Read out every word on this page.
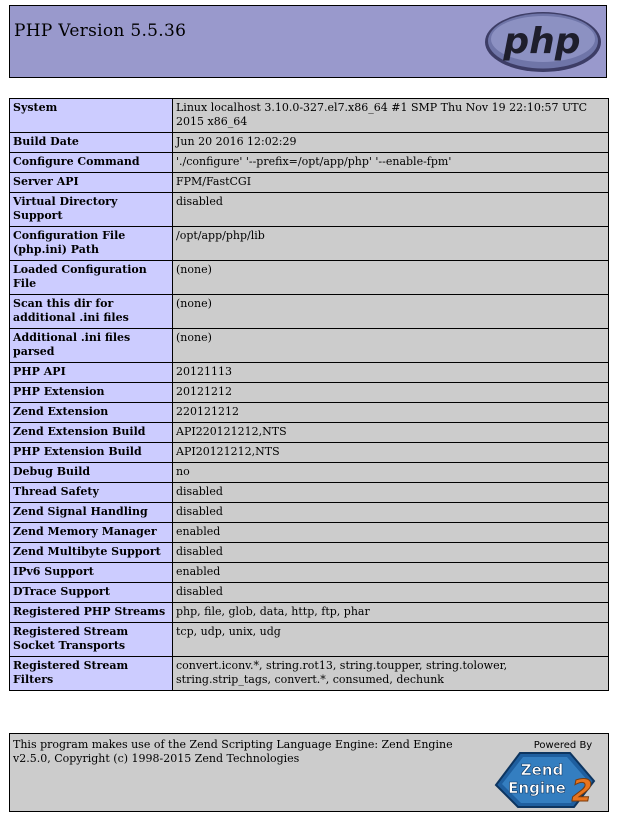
PHP Version 5.5.36	php
System	Linux localhost 3.10.0-327.el7.x86_64 #1 SMP Thu Nov 19 22:10:57 UTC 2015 x86_64
Build Date	Jun 20 2016 12:02:29
Configure Command	'./configure' '--prefix=/opt/app/php' '--enable-fpm'
Server API	FPM/FastCGI
Virtual Directory Support	disabled
Configuration File (php.ini) Path	/opt/app/php/lib
Loaded Configuration File	(none)
Scan this dir for additional .ini files	(none)
Additional .ini files parsed	(none)
PHP API	20121113
PHP Extension	20121212
Zend Extension	220121212
Zend Extension Build	API220121212,NTS
PHP Extension Build	API20121212,NTS
Debug Build	no
Thread Safety	disabled
Zend Signal Handling	disabled
Zend Memory Manager	enabled
Zend Multibyte Support	disabled
IPv6 Support	enabled
DTrace Support	disabled
Registered PHP Streams	php, file, glob, data, http, ftp, phar
Registered Stream Socket Transports	tcp, udp, unix, udg
Registered Stream Filters	convert.iconv.*, string.rot13, string.toupper, string.tolower, string.strip_tags, convert.*, consumed, dechunk

This program makes use of the Zend Scripting Language Engine: Zend Engine v2.5.0, Copyright (c) 1998-2015 Zend Technologies

Powered By
Zend
Engine 2
